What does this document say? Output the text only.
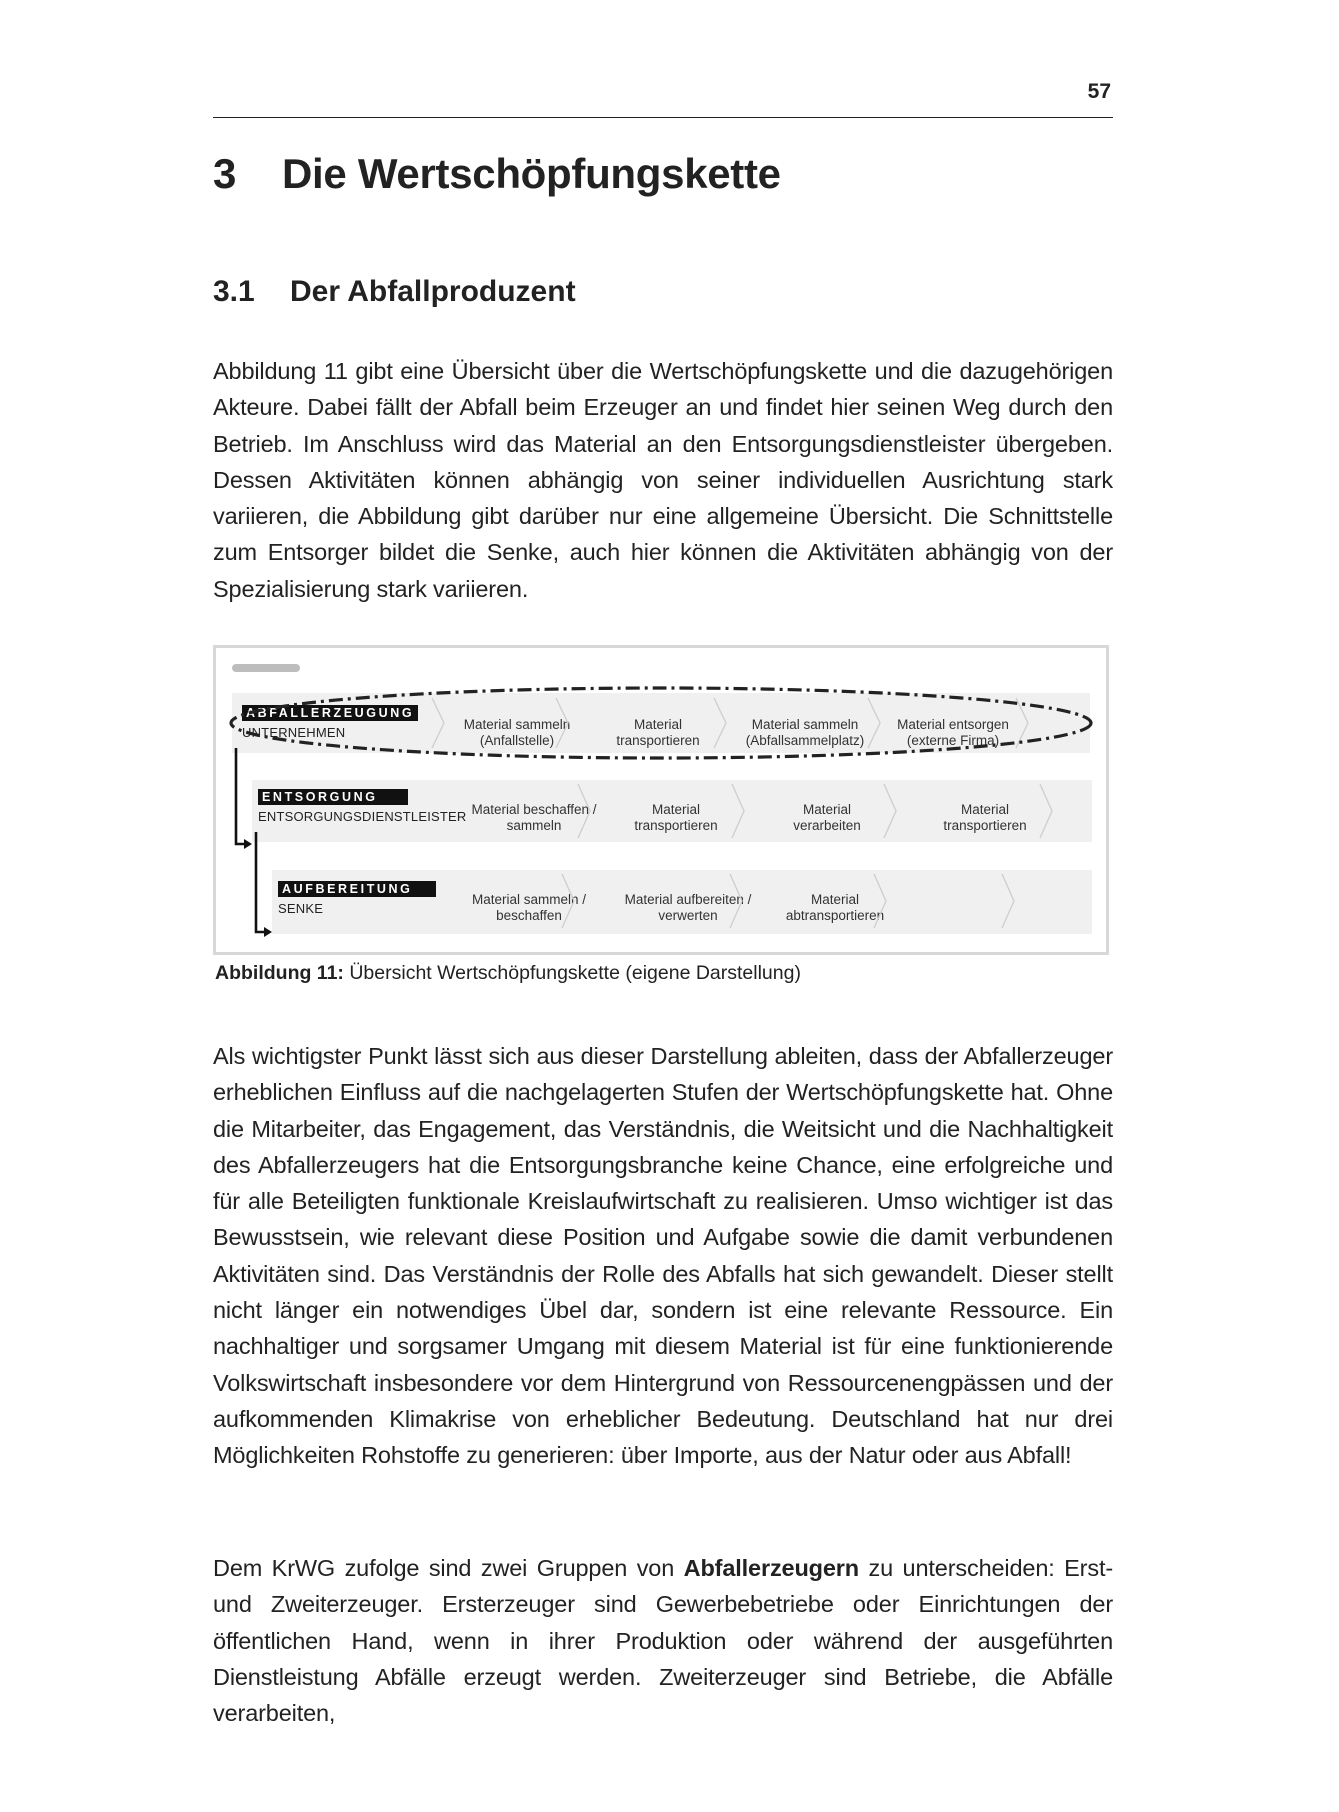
57
3 Die Wertschöpfungskette
3.1 Der Abfallproduzent

Abbildung 11 gibt eine Übersicht über die Wertschöpfungskette und die dazugehörigen Akteure. Dabei fällt der Abfall beim Erzeuger an und findet hier seinen Weg durch den Betrieb. Im Anschluss wird das Material an den Entsorgungsdienstleister übergeben. Dessen Aktivitäten können abhängig von seiner individuellen Ausrichtung stark variieren, die Abbildung gibt darüber nur eine allgemeine Übersicht. Die Schnittstelle zum Entsorger bildet die Senke, auch hier können die Aktivitäten abhängig von der Spezialisierung stark variieren.

ABFALLERZEUGUNG
UNTERNEHMEN
Material sammeln (Anfallstelle)
Material transportieren
Material sammeln (Abfallsammelplatz)
Material entsorgen (externe Firma)
ENTSORGUNG
ENTSORGUNGSDIENSTLEISTER Material beschaffen / sammeln
Material transportieren
Material verarbeiten
Material transportieren
AUFBEREITUNG
SENKE
Material sammeln / beschaffen
Material aufbereiten / verwerten
Material abtransportieren
Abbildung 11: Übersicht Wertschöpfungskette (eigene Darstellung)

Als wichtigster Punkt lässt sich aus dieser Darstellung ableiten, dass der Abfallerzeuger erheblichen Einfluss auf die nachgelagerten Stufen der Wertschöpfungskette hat. Ohne die Mitarbeiter, das Engagement, das Verständnis, die Weitsicht und die Nachhaltigkeit des Abfallerzeugers hat die Entsorgungsbranche keine Chance, eine erfolgreiche und für alle Beteiligten funktionale Kreislaufwirtschaft zu realisieren. Umso wichtiger ist das Bewusstsein, wie relevant diese Position und Aufgabe sowie die damit verbundenen Aktivitäten sind. Das Verständnis der Rolle des Abfalls hat sich gewandelt. Dieser stellt nicht länger ein notwendiges Übel dar, sondern ist eine relevante Ressource. Ein nachhaltiger und sorgsamer Umgang mit diesem Material ist für eine funktionierende Volkswirtschaft insbesondere vor dem Hintergrund von Ressourcenengpässen und der aufkommenden Klimakrise von erheblicher Bedeutung. Deutschland hat nur drei Möglichkeiten Rohstoffe zu generieren: über Importe, aus der Natur oder aus Abfall!

Dem KrWG zufolge sind zwei Gruppen von Abfallerzeugern zu unterscheiden: Erst- und Zweiterzeuger. Ersterzeuger sind Gewerbebetriebe oder Einrichtungen der öffentlichen Hand, wenn in ihrer Produktion oder während der ausgeführten Dienstleistung Abfälle erzeugt werden. Zweiterzeuger sind Betriebe, die Abfälle verarbeiten,
